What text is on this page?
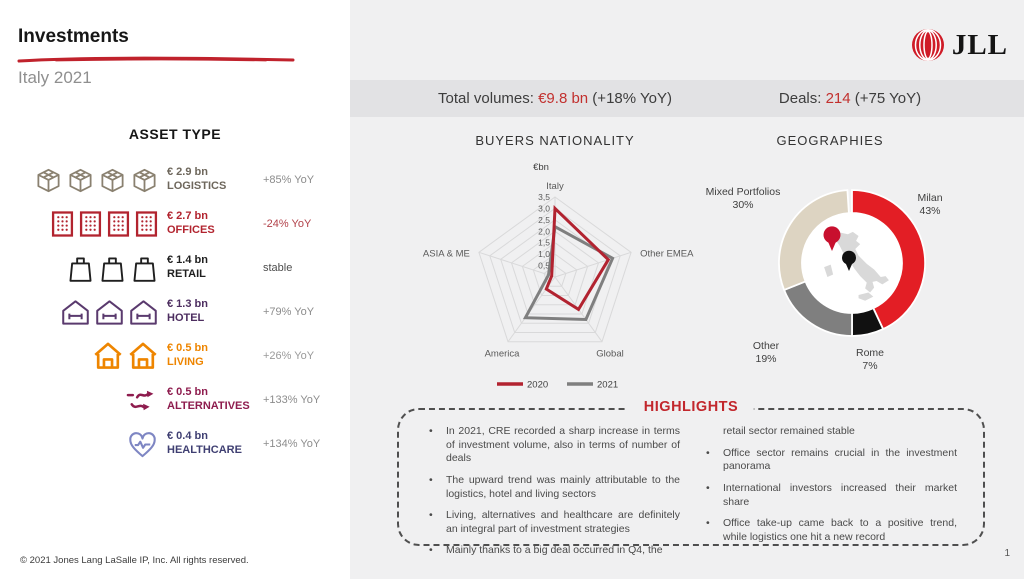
Investments
Italy 2021
ASSET TYPE
€ 2.9 bn
LOGISTICS	+85% YoY
€ 2.7 bn
OFFICES	-24% YoY
€ 1.4 bn
RETAIL	stable
€ 1.3 bn
HOTEL	+79% YoY
€ 0.5 bn
LIVING	+26% YoY
€ 0.5 bn
ALTERNATIVES	+133% YoY
€ 0.4 bn
HEALTHCARE	+134% YoY
© 2021 Jones Lang LaSalle IP, Inc. All rights reserved.
JLL
Total volumes: €9.8 bn (+18% YoY)	Deals: 214 (+75 YoY)
BUYERS NATIONALITY	GEOGRAPHIES
€bn
3,5
3,0
2,5
2,0
1,5
1,0
0,5
-
Italy
Other EMEA
Global
America
ASIA & ME
2020	2021
Mixed Portfolios
30%
Milan
43%
Other
19%
Rome
7%
HIGHLIGHTS
•	In 2021, CRE recorded a sharp increase in terms of investment volume, also in terms of number of deals
•	The upward trend was mainly attributable to the logistics, hotel and living sectors
•	Living, alternatives and healthcare are definitely an integral part of investment strategies
•	Mainly thanks to a big deal occurred in Q4, the
retail sector remained stable
•	Office sector remains crucial in the investment panorama
•	International investors increased their market share
•	Office take-up came back to a positive trend, while logistics one hit a new record
1
